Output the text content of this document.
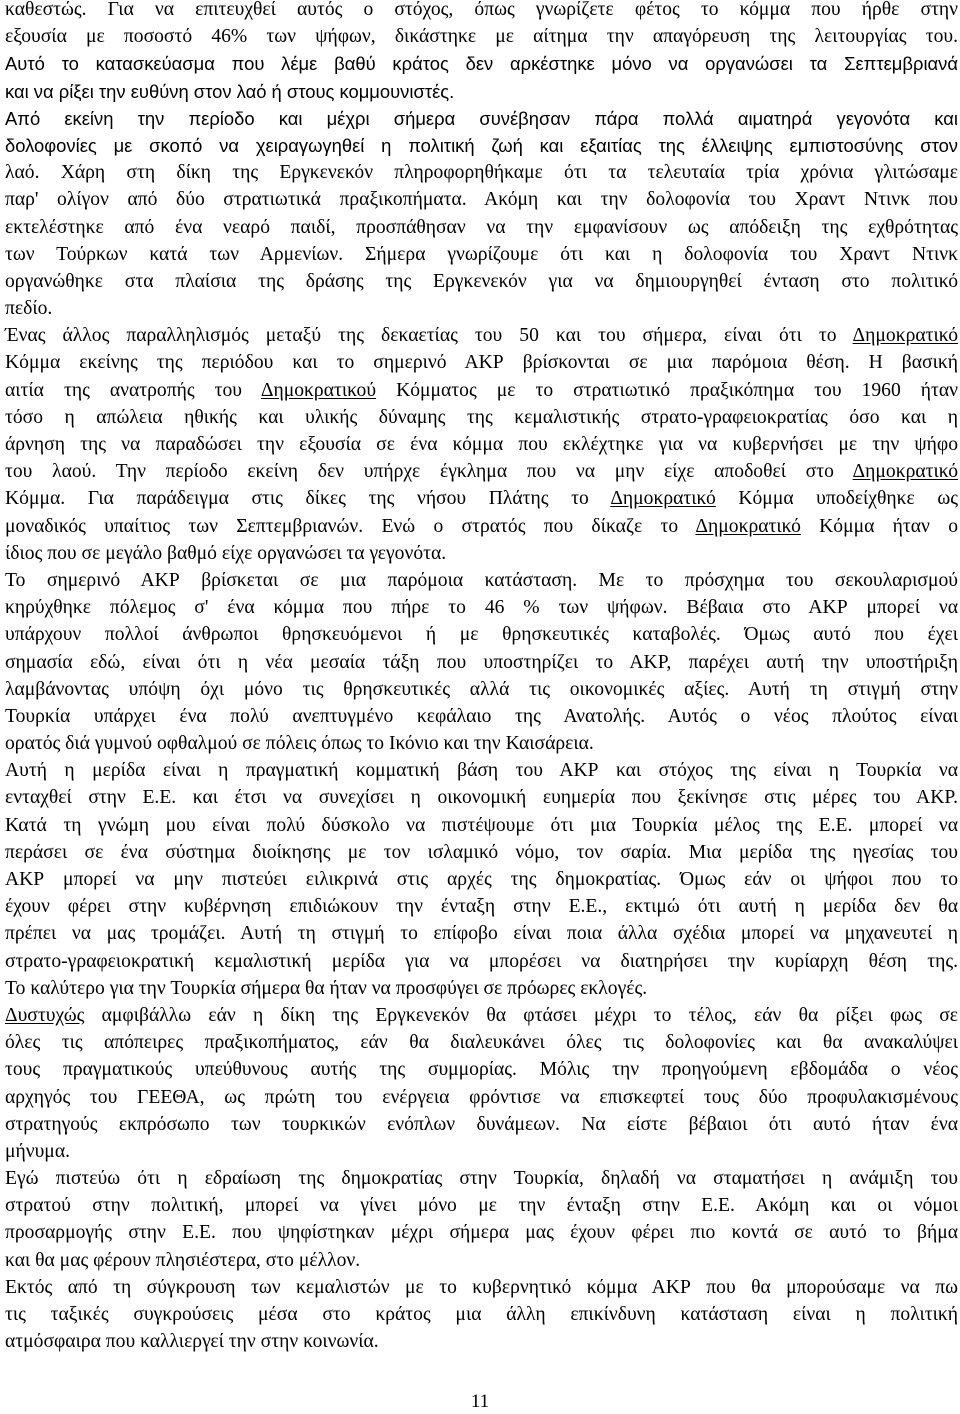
καθεστώς. Για να επιτευχθεί αυτός ο στόχος, όπως γνωρίζετε φέτος το κόμμα που ήρθε στην
εξουσία με ποσοστό 46% των ψήφων, δικάστηκε με αίτημα την απαγόρευση της λειτουργίας του.
Αυτό το κατασκεύασμα που λέμε βαθύ κράτος δεν αρκέστηκε μόνο να οργανώσει τα Σεπτεμβριανά
και να ρίξει την ευθύνη στον λαό ή στους κομμουνιστές.
Από εκείνη την περίοδο και μέχρι σήμερα συνέβησαν πάρα πολλά αιματηρά γεγονότα και
δολοφονίες με σκοπό να χειραγωγηθεί η πολιτική ζωή και εξαιτίας της έλλειψης εμπιστοσύνης στον
λαό. Χάρη στη δίκη της Εργκενεκόν πληροφορηθήκαμε ότι τα τελευταία τρία χρόνια γλιτώσαμε
παρ' ολίγον από δύο στρατιωτικά πραξικοπήματα. Ακόμη και την δολοφονία του Χραντ Ντινκ που
εκτελέστηκε από ένα νεαρό παιδί, προσπάθησαν να την εμφανίσουν ως απόδειξη της εχθρότητας
των Τούρκων κατά των Αρμενίων. Σήμερα γνωρίζουμε ότι και η δολοφονία του Χραντ Ντινκ
οργανώθηκε στα πλαίσια της δράσης της Εργκενεκόν για να δημιουργηθεί ένταση στο πολιτικό
πεδίο.
Ένας άλλος παραλληλισμός μεταξύ της δεκαετίας του 50 και του σήμερα, είναι ότι το Δημοκρατικό
Κόμμα εκείνης της περιόδου και το σημερινό ΑΚΡ βρίσκονται σε μια παρόμοια θέση. Η βασική
αιτία της ανατροπής του Δημοκρατικού Κόμματος με το στρατιωτικό πραξικόπημα του 1960 ήταν
τόσο η απώλεια ηθικής και υλικής δύναμης της κεμαλιστικής στρατο-γραφειοκρατίας όσο και η
άρνηση της να παραδώσει την εξουσία σε ένα κόμμα που εκλέχτηκε για να κυβερνήσει με την ψήφο
του λαού. Την περίοδο εκείνη δεν υπήρχε έγκλημα που να μην είχε αποδοθεί στο Δημοκρατικό
Κόμμα. Για παράδειγμα στις δίκες της νήσου Πλάτης το Δημοκρατικό Κόμμα υποδείχθηκε ως
μοναδικός υπαίτιος των Σεπτεμβριανών. Ενώ ο στρατός που δίκαζε το Δημοκρατικό Κόμμα ήταν ο
ίδιος που σε μεγάλο βαθμό είχε οργανώσει τα γεγονότα.
Το σημερινό ΑΚΡ βρίσκεται σε μια παρόμοια κατάσταση. Με το πρόσχημα του σεκουλαρισμού
κηρύχθηκε πόλεμος σ' ένα κόμμα που πήρε το 46 % των ψήφων. Βέβαια στο ΑΚΡ μπορεί να
υπάρχουν πολλοί άνθρωποι θρησκευόμενοι ή με θρησκευτικές καταβολές. Όμως αυτό που έχει
σημασία εδώ, είναι ότι η νέα μεσαία τάξη που υποστηρίζει το ΑΚΡ, παρέχει αυτή την υποστήριξη
λαμβάνοντας υπόψη όχι μόνο τις θρησκευτικές αλλά τις οικονομικές αξίες. Αυτή τη στιγμή στην
Τουρκία υπάρχει ένα πολύ ανεπτυγμένο κεφάλαιο της Ανατολής. Αυτός ο νέος πλούτος είναι
ορατός διά γυμνού οφθαλμού σε πόλεις όπως το Ικόνιο και την Καισάρεια.
Αυτή η μερίδα είναι η πραγματική κομματική βάση του ΑΚΡ και στόχος της είναι η Τουρκία να
ενταχθεί στην Ε.Ε. και έτσι να συνεχίσει η οικονομική ευημερία που ξεκίνησε στις μέρες του ΑΚΡ.
Κατά τη γνώμη μου είναι πολύ δύσκολο να πιστέψουμε ότι μια Τουρκία μέλος της Ε.Ε. μπορεί να
περάσει σε ένα σύστημα διοίκησης με τον ισλαμικό νόμο, τον σαρία. Μια μερίδα της ηγεσίας του
ΑΚΡ μπορεί να μην πιστεύει ειλικρινά στις αρχές της δημοκρατίας. Όμως εάν οι ψήφοι που το
έχουν φέρει στην κυβέρνηση επιδιώκουν την ένταξη στην Ε.Ε., εκτιμώ ότι αυτή η μερίδα δεν θα
πρέπει να μας τρομάζει. Αυτή τη στιγμή το επίφοβο είναι ποια άλλα σχέδια μπορεί να μηχανευτεί η
στρατο-γραφειοκρατική κεμαλιστική μερίδα για να μπορέσει να διατηρήσει την κυρίαρχη θέση της.
Το καλύτερο για την Τουρκία σήμερα θα ήταν να προσφύγει σε πρόωρες εκλογές.
Δυστυχώς αμφιβάλλω εάν η δίκη της Εργκενεκόν θα φτάσει μέχρι το τέλος, εάν θα ρίξει φως σε
όλες τις απόπειρες πραξικοπήματος, εάν θα διαλευκάνει όλες τις δολοφονίες και θα ανακαλύψει
τους πραγματικούς υπεύθυνους αυτής της συμμορίας. Μόλις την προηγούμενη εβδομάδα ο νέος
αρχηγός του ΓΕΕΘΑ, ως πρώτη του ενέργεια φρόντισε να επισκεφτεί τους δύο προφυλακισμένους
στρατηγούς εκπρόσωπο των τουρκικών ενόπλων δυνάμεων. Να είστε βέβαιοι ότι αυτό ήταν ένα
μήνυμα.
Εγώ πιστεύω ότι η εδραίωση της δημοκρατίας στην Τουρκία, δηλαδή να σταματήσει η ανάμιξη του
στρατού στην πολιτική, μπορεί να γίνει μόνο με την ένταξη στην Ε.Ε. Ακόμη και οι νόμοι
προσαρμογής στην Ε.Ε. που ψηφίστηκαν μέχρι σήμερα μας έχουν φέρει πιο κοντά σε αυτό το βήμα
και θα μας φέρουν πλησιέστερα, στο μέλλον.
Εκτός από τη σύγκρουση των κεμαλιστών με το κυβερνητικό κόμμα ΑΚΡ που θα μπορούσαμε να πω
τις ταξικές συγκρούσεις μέσα στο κράτος μια άλλη επικίνδυνη κατάσταση είναι η πολιτική
ατμόσφαιρα που καλλιεργεί την στην κοινωνία.
11
